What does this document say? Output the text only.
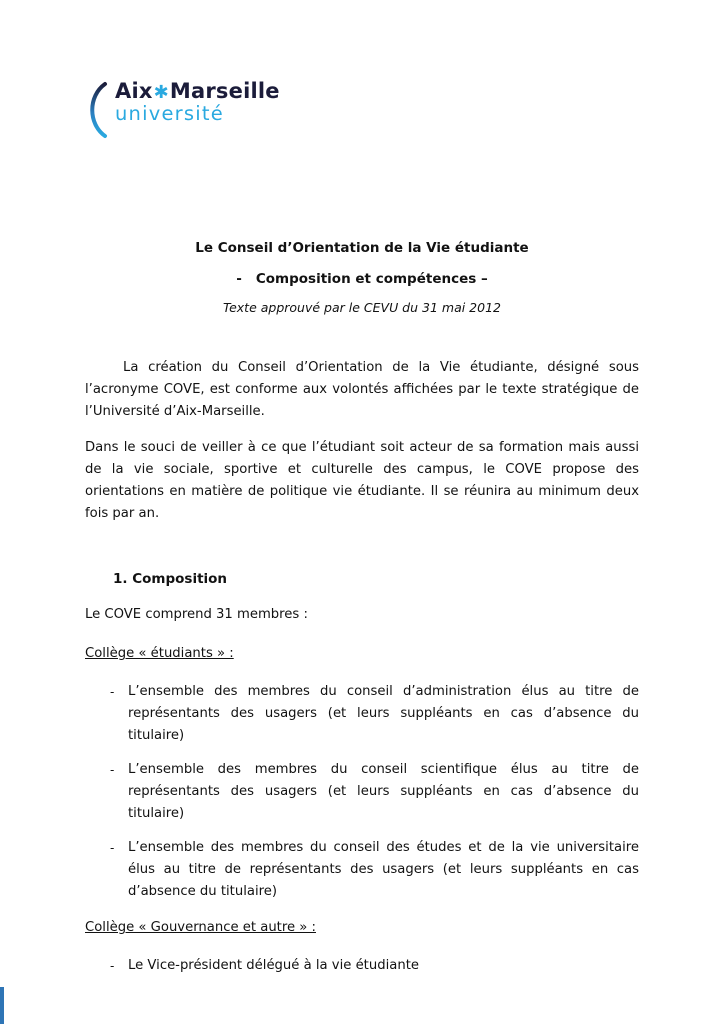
Aix✱Marseille
université
Le Conseil d’Orientation de la Vie étudiante
- Composition et compétences –
Texte approuvé par le CEVU du 31 mai 2012

La création du Conseil d’Orientation de la Vie étudiante, désigné sous l’acronyme COVE, est conforme aux volontés affichées par le texte stratégique de l’Université d’Aix-Marseille.

Dans le souci de veiller à ce que l’étudiant soit acteur de sa formation mais aussi de la vie sociale, sportive et culturelle des campus, le COVE propose des orientations en matière de politique vie étudiante. Il se réunira au minimum deux fois par an.

1. Composition
Le COVE comprend 31 membres :
Collège « étudiants » :
-	L’ensemble des membres du conseil d’administration élus au titre de représentants des usagers (et leurs suppléants en cas d’absence du titulaire)
-	L’ensemble des membres du conseil scientifique élus au titre de représentants des usagers (et leurs suppléants en cas d’absence du titulaire)
-	L’ensemble des membres du conseil des études et de la vie universitaire élus au titre de représentants des usagers (et leurs suppléants en cas d’absence du titulaire)
Collège « Gouvernance et autre » :
-	Le Vice-président délégué à la vie étudiante
